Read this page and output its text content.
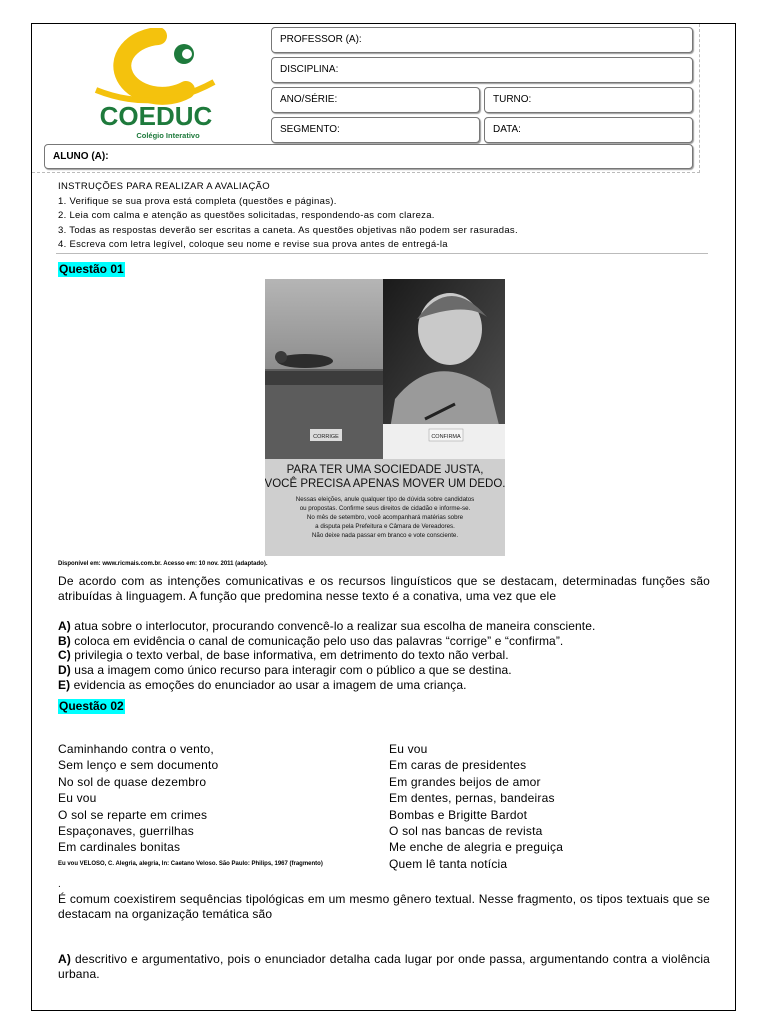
COEDUC
Colégio Interativo
PROFESSOR (A):
DISCIPLINA:
ANO/SÉRIE:	TURNO:
SEGMENTO:	DATA:
ALUNO (A):
INSTRUÇÕES PARA REALIZAR A AVALIAÇÃO
1. Verifique se sua prova está completa (questões e páginas).
2. Leia com calma e atenção as questões solicitadas, respondendo-as com clareza.
3. Todas as respostas deverão ser escritas a caneta. As questões objetivas não podem ser rasuradas.
4. Escreva com letra legível, coloque seu nome e revise sua prova antes de entregá-la
Questão 01
CORRIGE	CONFIRMA
PARA TER UMA SOCIEDADE JUSTA,
VOCÊ PRECISA APENAS MOVER UM DEDO.
Nessas eleições, anule qualquer tipo de dúvida sobre candidatos
ou propostas. Confirme seus direitos de cidadão e informe-se.
No mês de setembro, você acompanhará matérias sobre
a disputa pela Prefeitura e Câmara de Vereadores.
Não deixe nada passar em branco e vote consciente.
Disponível em: www.ricmais.com.br. Acesso em: 10 nov. 2011 (adaptado).
De acordo com as intenções comunicativas e os recursos linguísticos que se destacam, determinadas funções são atribuídas à linguagem. A função que predomina nesse texto é a conativa, uma vez que ele
A) atua sobre o interlocutor, procurando convencê-lo a realizar sua escolha de maneira consciente.
B) coloca em evidência o canal de comunicação pelo uso das palavras “corrige” e “confirma”.
C) privilegia o texto verbal, de base informativa, em detrimento do texto não verbal.
D) usa a imagem como único recurso para interagir com o público a que se destina.
E) evidencia as emoções do enunciador ao usar a imagem de uma criança.
Questão 02
Caminhando contra o vento,
Sem lenço e sem documento
No sol de quase dezembro
Eu vou
O sol se reparte em crimes
Espaçonaves, guerrilhas
Em cardinales bonitas
Eu vou VELOSO, C. Alegria, alegria, In: Caetano Veloso. São Paulo: Philips, 1967 (fragmento)
Eu vou
Em caras de presidentes
Em grandes beijos de amor
Em dentes, pernas, bandeiras
Bombas e Brigitte Bardot
O sol nas bancas de revista
Me enche de alegria e preguiça
Quem lê tanta notícia
.
É comum coexistirem sequências tipológicas em um mesmo gênero textual. Nesse fragmento, os tipos textuais que se destacam na organização temática são
A) descritivo e argumentativo, pois o enunciador detalha cada lugar por onde passa, argumentando contra a violência urbana.
